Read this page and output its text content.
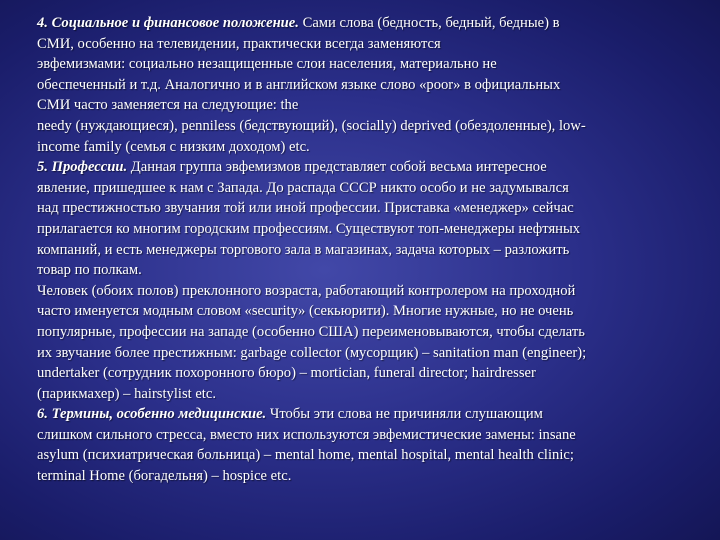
4. Социальное и финансовое положение. Сами слова (бедность, бедный, бедные) в
СМИ, особенно на телевидении, практически всегда заменяются
эвфемизмами: социально незащищенные слои населения, материально не
обеспеченный и т.д. Аналогично и в английском языке слово «poor» в официальных
СМИ часто заменяется на следующие: the
needy (нуждающиеся), penniless (бедствующий), (socially) deprived (обездоленные), low-
income family (семья с низким доходом) etc.
5. Профессии. Данная группа эвфемизмов представляет собой весьма интересное
явление, пришедшее к нам с Запада. До распада СССР никто особо и не задумывался
над престижностью звучания той или иной профессии. Приставка «менеджер» сейчас
прилагается ко многим городским профессиям. Существуют топ-менеджеры нефтяных
компаний, и есть менеджеры торгового зала в магазинах, задача которых – разложить
товар по полкам.
Человек (обоих полов) преклонного возраста, работающий контролером на проходной
часто именуется модным словом «security» (секьюрити). Многие нужные, но не очень
популярные, профессии на западе (особенно США) переименовываются, чтобы сделать
их звучание более престижным: garbage collector (мусорщик) – sanitation man (engineer);
undertaker (сотрудник похоронного бюро) – mortician, funeral director; hairdresser
(парикмахер) – hairstylist etc.
6. Термины, особенно медицинские. Чтобы эти слова не причиняли слушающим
слишком сильного стресса, вместо них используются эвфемистические замены: insane
asylum (психиатрическая больница) – mental home, mental hospital, mental health clinic;
terminal Home (богадельня) – hospice etc.
